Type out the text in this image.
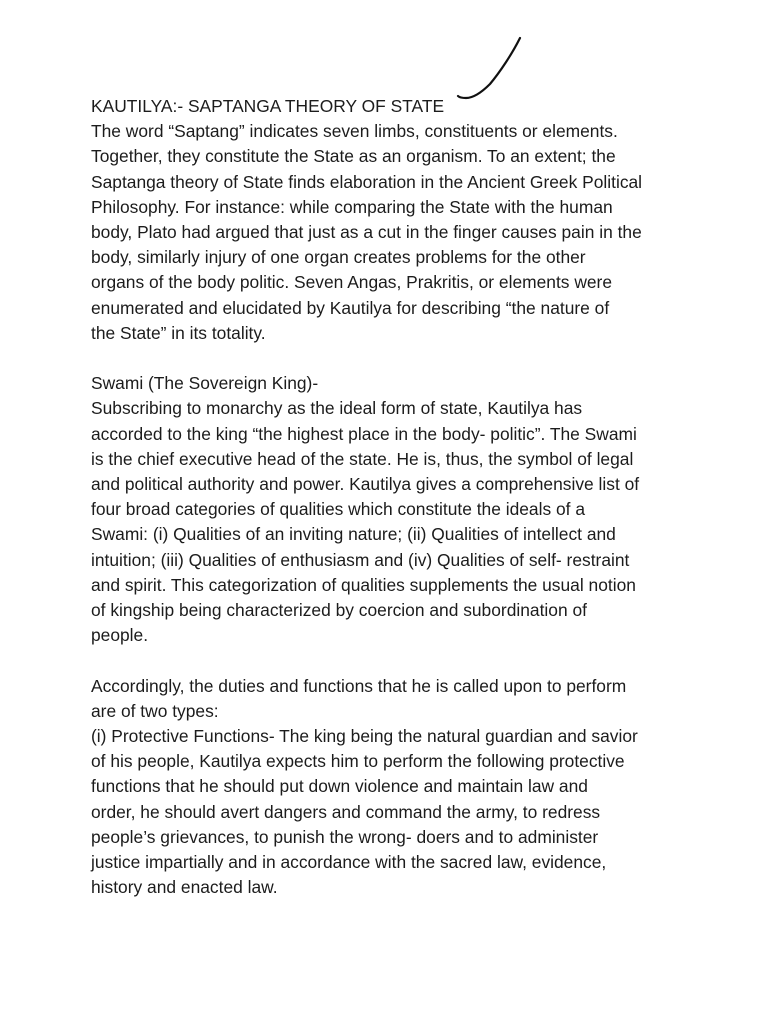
KAUTILYA:- SAPTANGA THEORY OF STATE

The word “Saptang” indicates seven limbs, constituents or elements.
Together, they constitute the State as an organism. To an extent; the
Saptanga theory of State finds elaboration in the Ancient Greek Political
Philosophy. For instance: while comparing the State with the human
body, Plato had argued that just as a cut in the finger causes pain in the
body, similarly injury of one organ creates problems for the other
organs of the body politic. Seven Angas, Prakritis, or elements were
enumerated and elucidated by Kautilya for describing “the nature of
the State” in its totality.

Swami (The Sovereign King)-

Subscribing to monarchy as the ideal form of state, Kautilya has
accorded to the king “the highest place in the body- politic”. The Swami
is the chief executive head of the state. He is, thus, the symbol of legal
and political authority and power. Kautilya gives a comprehensive list of
four broad categories of qualities which constitute the ideals of a
Swami: (i) Qualities of an inviting nature; (ii) Qualities of intellect and
intuition; (iii) Qualities of enthusiasm and (iv) Qualities of self- restraint
and spirit. This categorization of qualities supplements the usual notion
of kingship being characterized by coercion and subordination of
people.

Accordingly, the duties and functions that he is called upon to perform
are of two types:

(i) Protective Functions- The king being the natural guardian and savior
of his people, Kautilya expects him to perform the following protective
functions that he should put down violence and maintain law and
order, he should avert dangers and command the army, to redress
people’s grievances, to punish the wrong- doers and to administer
justice impartially and in accordance with the sacred law, evidence,
history and enacted law.
